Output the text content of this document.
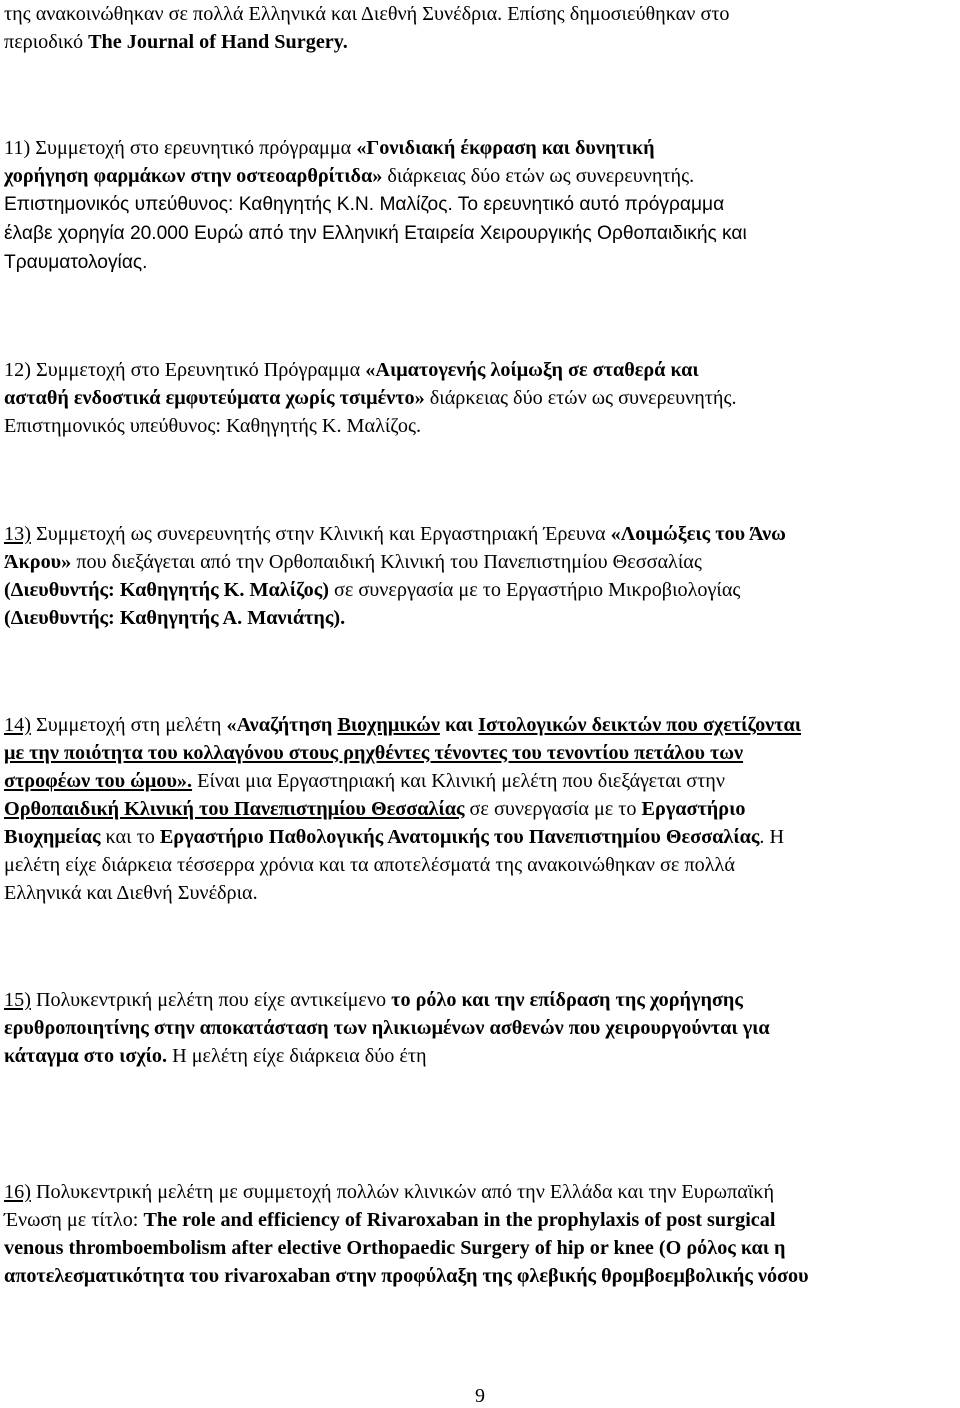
της ανακοινώθηκαν σε πολλά Ελληνικά και Διεθνή Συνέδρια. Επίσης δημοσιεύθηκαν στο
περιοδικό The Journal of Hand Surgery.
11) Συμμετοχή στο ερευνητικό πρόγραμμα «Γονιδιακή έκφραση και δυνητική
χορήγηση φαρμάκων στην οστεοαρθρίτιδα» διάρκειας δύο ετών ως συνερευνητής.
Επιστημονικός υπεύθυνος: Καθηγητής Κ.Ν. Μαλίζος. Το ερευνητικό αυτό πρόγραμμα
έλαβε χορηγία 20.000 Ευρώ από την Ελληνική Εταιρεία Χειρουργικής Ορθοπαιδικής και
Τραυματολογίας.
12) Συμμετοχή στο Ερευνητικό Πρόγραμμα «Αιματογενής λοίμωξη σε σταθερά και
ασταθή ενδοστικά εμφυτεύματα χωρίς τσιμέντο» διάρκειας δύο ετών ως συνερευνητής.
Επιστημονικός υπεύθυνος: Καθηγητής Κ. Μαλίζος.
13) Συμμετοχή ως συνερευνητής στην Κλινική και Εργαστηριακή Έρευνα «Λοιμώξεις του Άνω
Άκρου» που διεξάγεται από την Ορθοπαιδική Κλινική του Πανεπιστημίου Θεσσαλίας
(Διευθυντής: Καθηγητής Κ. Μαλίζος) σε συνεργασία με το Εργαστήριο Μικροβιολογίας
(Διευθυντής: Καθηγητής Α. Μανιάτης).
14) Συμμετοχή στη μελέτη «Αναζήτηση Βιοχημικών και Ιστολογικών δεικτών που σχετίζονται
με την ποιότητα του κολλαγόνου στους ρηχθέντες τένοντες του τενοντίου πετάλου των
στροφέων του ώμου». Είναι μια Εργαστηριακή και Κλινική μελέτη που διεξάγεται στην
Ορθοπαιδική Κλινική του Πανεπιστημίου Θεσσαλίας σε συνεργασία με το Εργαστήριο
Βιοχημείας και το Εργαστήριο Παθολογικής Ανατομικής του Πανεπιστημίου Θεσσαλίας. Η
μελέτη είχε διάρκεια τέσσερρα χρόνια και τα αποτελέσματά της ανακοινώθηκαν σε πολλά
Ελληνικά και Διεθνή Συνέδρια.
15) Πολυκεντρική μελέτη που είχε αντικείμενο το ρόλο και την επίδραση της χορήγησης
ερυθροποιητίνης στην αποκατάσταση των ηλικιωμένων ασθενών που χειρουργούνται για
κάταγμα στο ισχίο. Η μελέτη είχε διάρκεια δύο έτη
16) Πολυκεντρική μελέτη με συμμετοχή πολλών κλινικών από την Ελλάδα και την Ευρωπαϊκή
Ένωση με τίτλο: The role and efficiency of Rivaroxaban in the prophylaxis of post surgical
venous thromboembolism after elective Orthopaedic Surgery of hip or knee (Ο ρόλος και η
αποτελεσματικότητα του rivaroxaban στην προφύλαξη της φλεβικής θρομβοεμβολικής νόσου
9
